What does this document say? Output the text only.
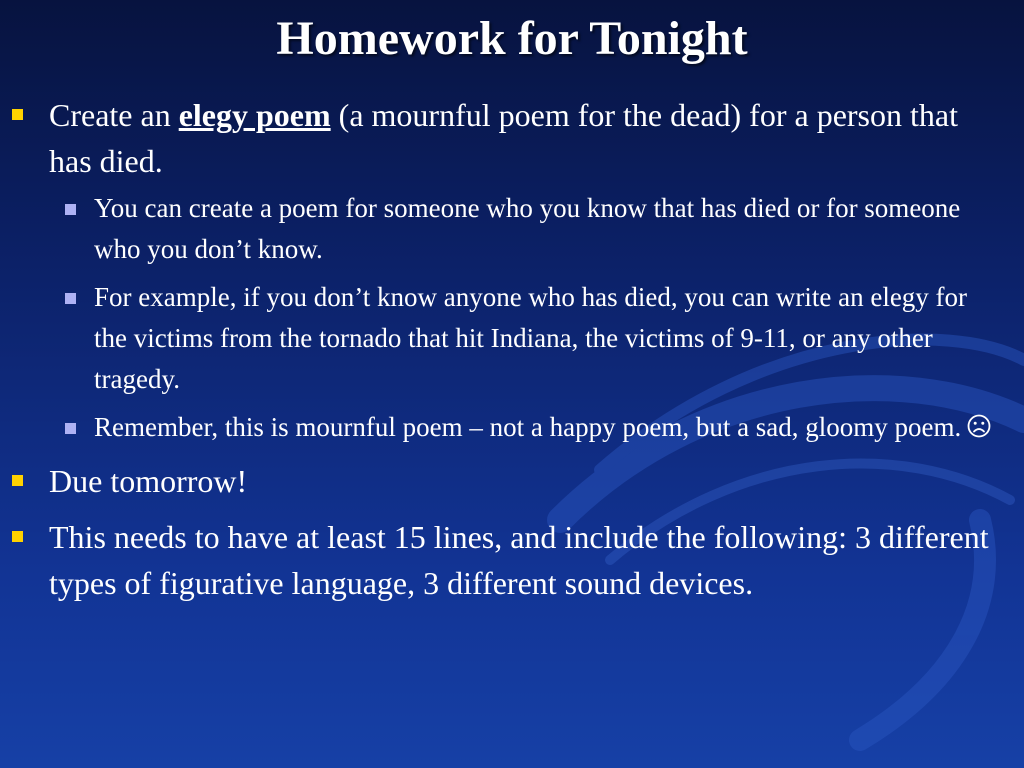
Homework for Tonight
Create an elegy poem (a mournful poem for the dead) for a person that has died.
You can create a poem for someone who you know that has died or for someone who you don’t know.
For example, if you don’t know anyone who has died, you can write an elegy for the victims from the tornado that hit Indiana, the victims of 9-11, or any other tragedy.
Remember, this is mournful poem – not a happy poem, but a sad, gloomy poem.
Due tomorrow!
This needs to have at least 15 lines, and include the following: 3 different types of figurative language, 3 different sound devices.
